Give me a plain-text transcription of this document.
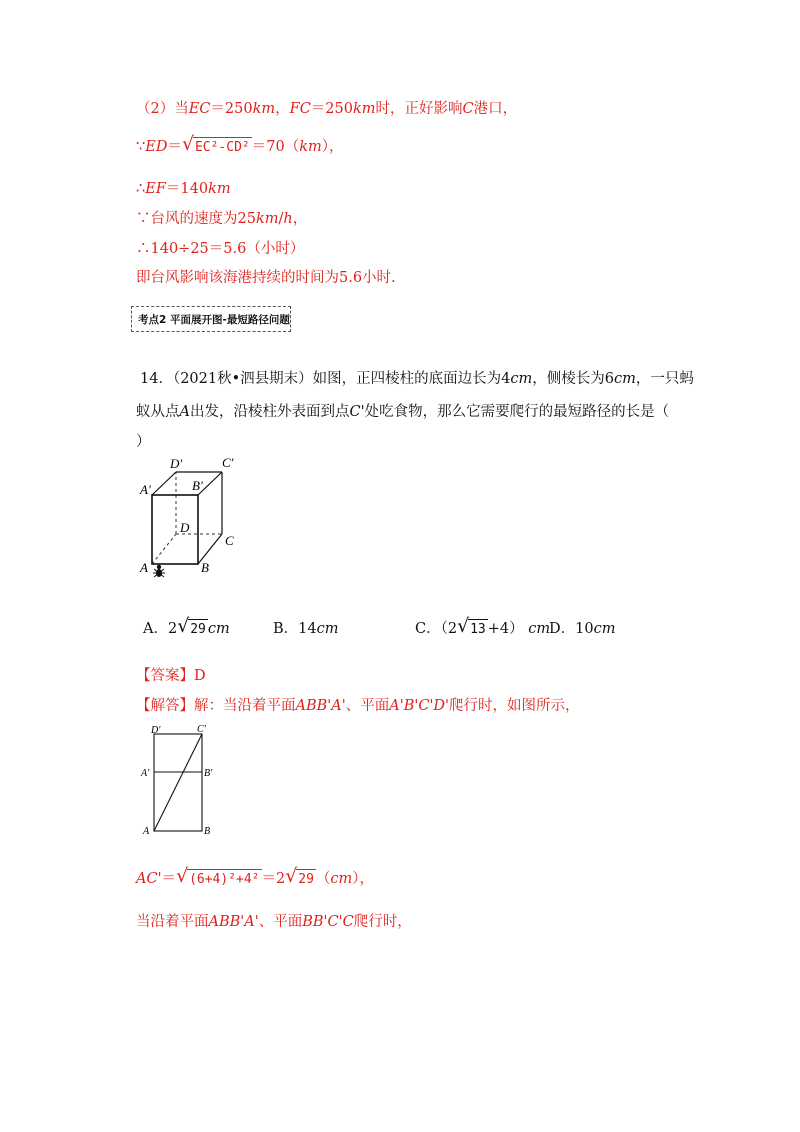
（2）当EC＝250km，FC＝250km时，正好影响C港口，
∵ED＝ √ EC²-CD² ＝70（km），
∴EF＝140km
∵台风的速度为25km/h，
∴140÷25＝5.6（小时）
即台风影响该海港持续的时间为5.6小时.
考点2 平面展开图-最短路径问题
14．（2021秋•泗县期末）如图，正四棱柱的底面边长为4cm，侧棱长为6cm，一只蚂
蚁从点A出发，沿棱柱外表面到点C'处吃食物，那么它需要爬行的最短路径的长是（
）
D'	C'
A'	B'
D
C
A	B
A．2 √ 29 cm	B．14cm	C．（2 √ 13 +4） cm
D．10cm
【答案】D
【解答】解：当沿着平面ABB'A'、平面A'B'C'D'爬行时，如图所示，
D'	C'
A'	B'
A	B
AC'＝ √ (6+4)²+4² ＝2 √ 29 （cm），
当沿着平面ABB'A'、平面BB'C'C爬行时，
